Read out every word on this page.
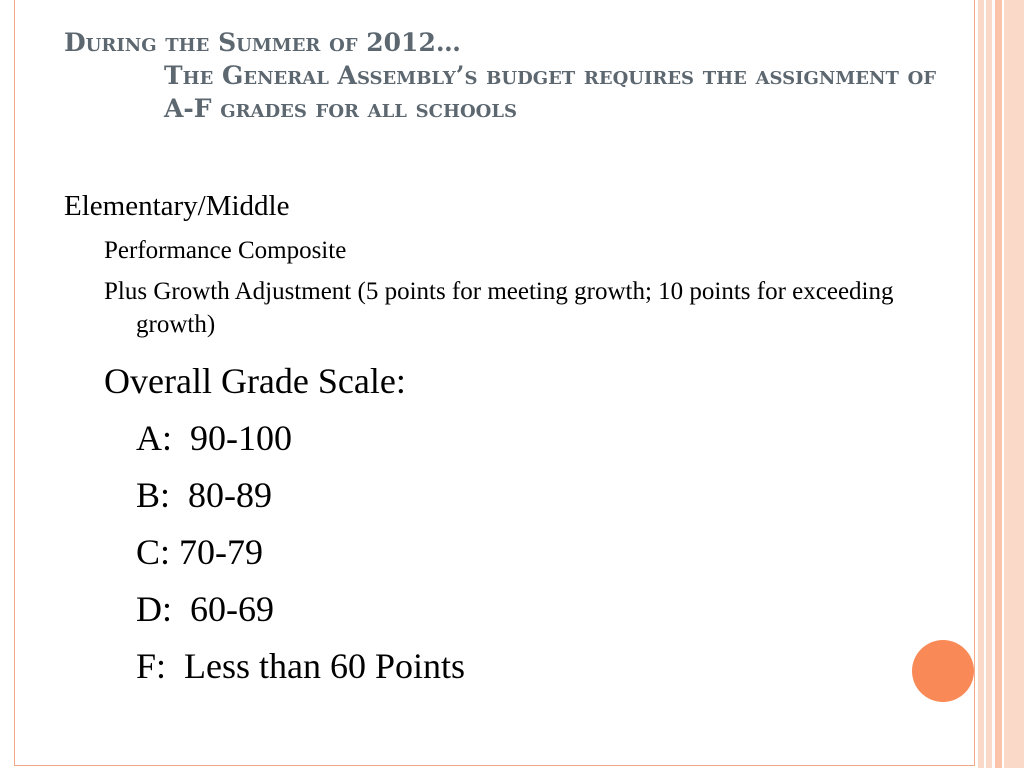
During the Summer of 2012…
The General Assembly’s budget requires the assignment of A-F grades for all schools

Elementary/Middle

Performance Composite

Plus Growth Adjustment (5 points for meeting growth; 10 points for exceeding growth)

Overall Grade Scale:

A:  90-100

B:  80-89

C: 70-79

D:  60-69

F:  Less than 60 Points
